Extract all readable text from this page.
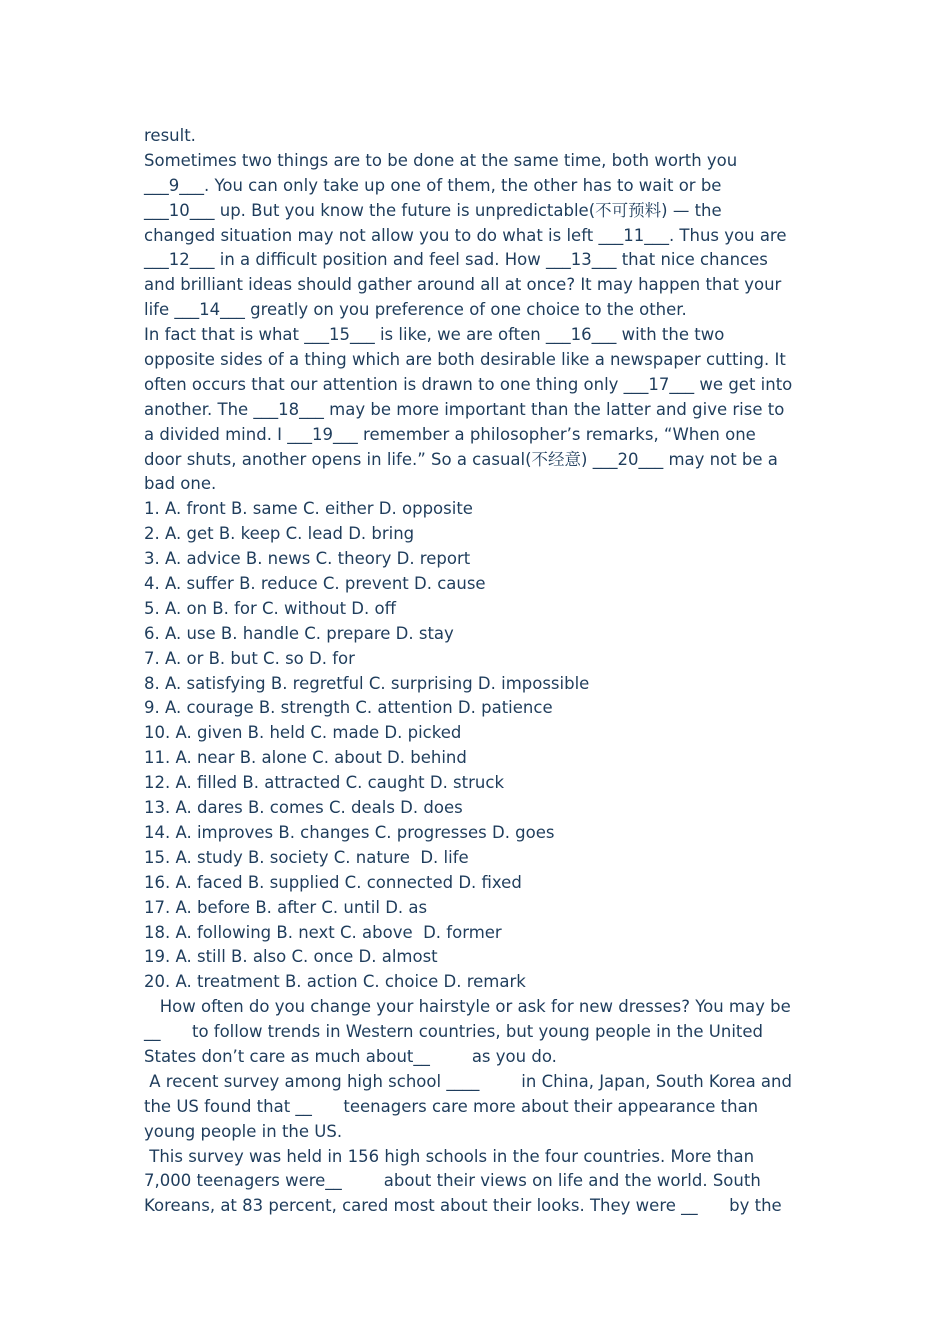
result.
Sometimes two things are to be done at the same time, both worth you
___9___. You can only take up one of them, the other has to wait or be
___10___ up. But you know the future is unpredictable(不可预料) — the
changed situation may not allow you to do what is left ___11___. Thus you are
___12___ in a difficult position and feel sad. How ___13___ that nice chances
and brilliant ideas should gather around all at once? It may happen that your
life ___14___ greatly on you preference of one choice to the other.
In fact that is what ___15___ is like, we are often ___16___ with the two
opposite sides of a thing which are both desirable like a newspaper cutting. It
often occurs that our attention is drawn to one thing only ___17___ we get into
another. The ___18___ may be more important than the latter and give rise to
a divided mind. I ___19___ remember a philosopher’s remarks, “When one
door shuts, another opens in life.” So a casual(不经意) ___20___ may not be a
bad one.
1. A. front B. same C. either D. opposite
2. A. get B. keep C. lead D. bring
3. A. advice B. news C. theory D. report
4. A. suffer B. reduce C. prevent D. cause
5. A. on B. for C. without D. off
6. A. use B. handle C. prepare D. stay
7. A. or B. but C. so D. for
8. A. satisfying B. regretful C. surprising D. impossible
9. A. courage B. strength C. attention D. patience
10. A. given B. held C. made D. picked
11. A. near B. alone C. about D. behind
12. A. filled B. attracted C. caught D. struck
13. A. dares B. comes C. deals D. does
14. A. improves B. changes C. progresses D. goes
15. A. study B. society C. nature  D. life
16. A. faced B. supplied C. connected D. fixed
17. A. before B. after C. until D. as
18. A. following B. next C. above  D. former
19. A. still B. also C. once D. almost
20. A. treatment B. action C. choice D. remark
How often do you change your hairstyle or ask for new dresses? You may be
__      to follow trends in Western countries, but young people in the United
States don’t care as much about__        as you do.
A recent survey among high school ____        in China, Japan, South Korea and
the US found that __      teenagers care more about their appearance than
young people in the US.
This survey was held in 156 high schools in the four countries. More than
7,000 teenagers were__        about their views on life and the world. South
Koreans, at 83 percent, cared most about their looks. They were __      by the
